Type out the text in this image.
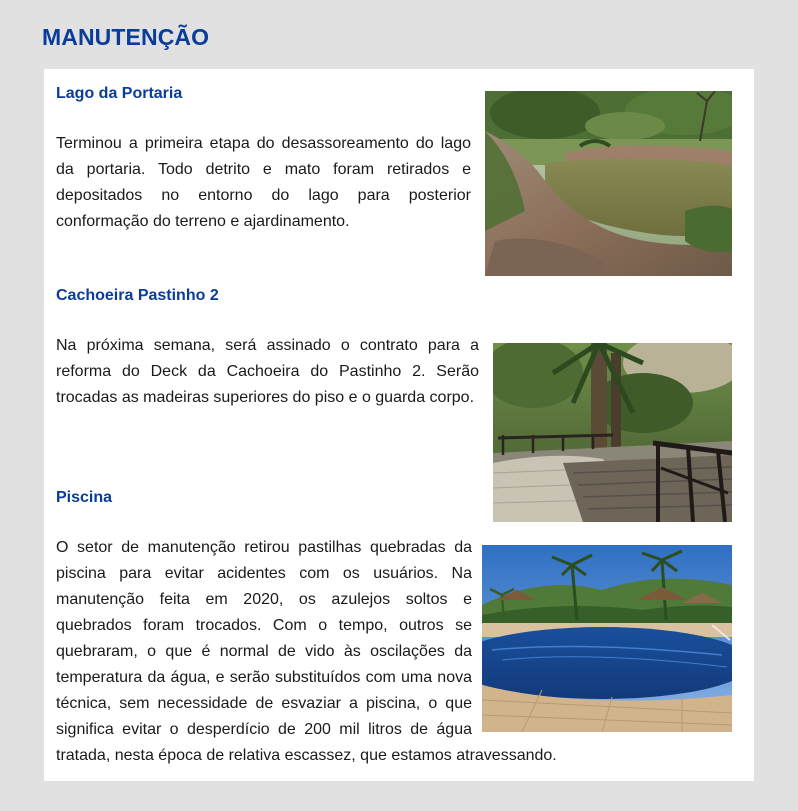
MANUTENÇÃO
Lago da Portaria

Terminou a primeira etapa do desassoreamento do lago da portaria. Todo detrito e mato foram retirados e depositados no entorno do lago para posterior conformação do terreno e ajardinamento.

Cachoeira Pastinho 2

Na próxima semana, será assinado o contrato para a reforma do Deck da Cachoeira do Pastinho 2. Serão trocadas as madeiras superiores do piso e o guarda corpo.

Piscina

O setor de manutenção retirou pastilhas quebradas da piscina para evitar acidentes com os usuários. Na manutenção feita em 2020, os azulejos soltos e quebrados foram trocados. Com o tempo, outros se quebraram, o que é normal de vido às oscilações da temperatura da água, e serão substituídos com uma nova técnica, sem necessidade de esvaziar a piscina, o que significa evitar o desperdício de 200 mil litros de água tratada, nesta época de relativa escassez, que estamos atravessando.
